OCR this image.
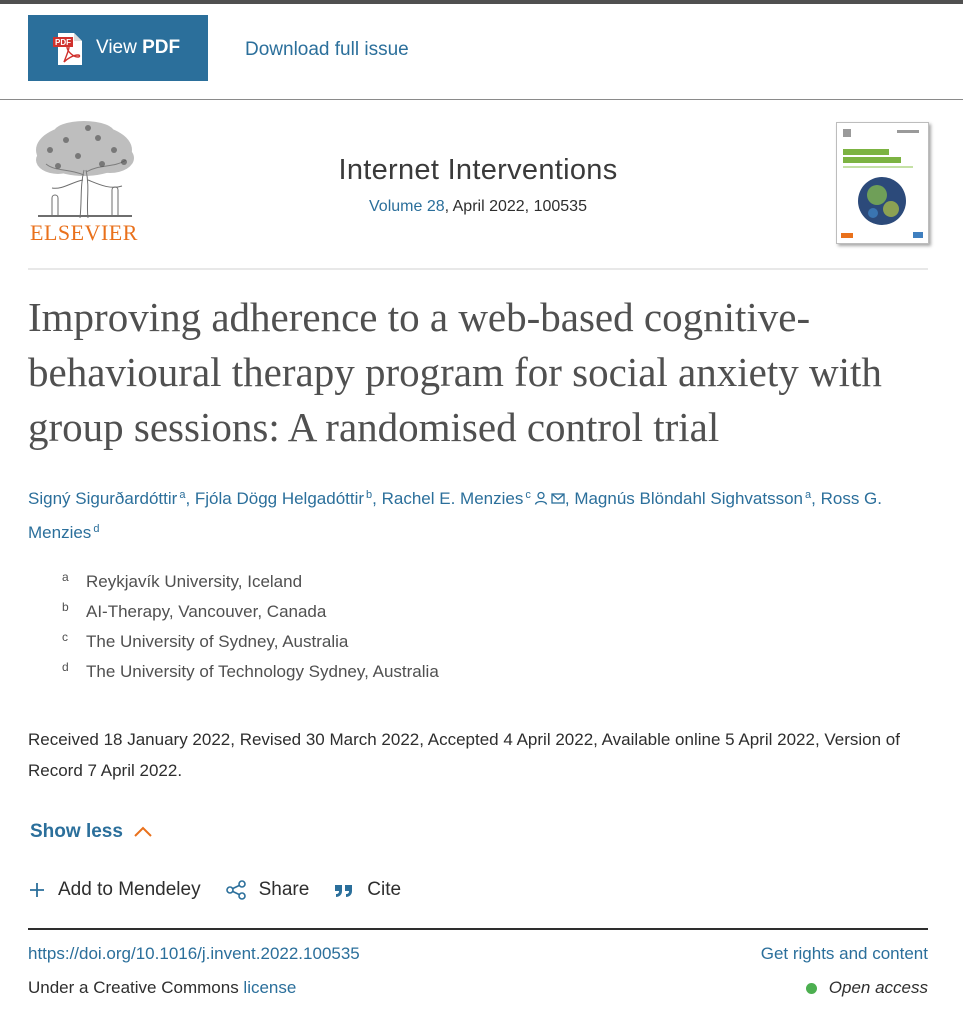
PDF View PDF	Download full issue
ELSEVIER
Internet Interventions
Volume 28, April 2022, 100535
Improving adherence to a web-based cognitive-behavioural therapy program for social anxiety with group sessions: A randomised control trial
Signý Sigurðardóttir $^a$, Fjóla Dögg Helgadóttir $^b$, Rachel E. Menzies $^c$ , Magnús Blöndahl Sighvatsson $^a$, Ross G. Menzies $^d$
a Reykjavík University, Iceland
b AI-Therapy, Vancouver, Canada
c The University of Sydney, Australia
d The University of Technology Sydney, Australia
Received 18 January 2022, Revised 30 March 2022, Accepted 4 April 2022, Available online 5 April 2022, Version of Record 7 April 2022.
Show less
Add to Mendeley	Share	Cite
https://doi.org/10.1016/j.invent.2022.100535	Get rights and content
Under a Creative Commons license	Open access
